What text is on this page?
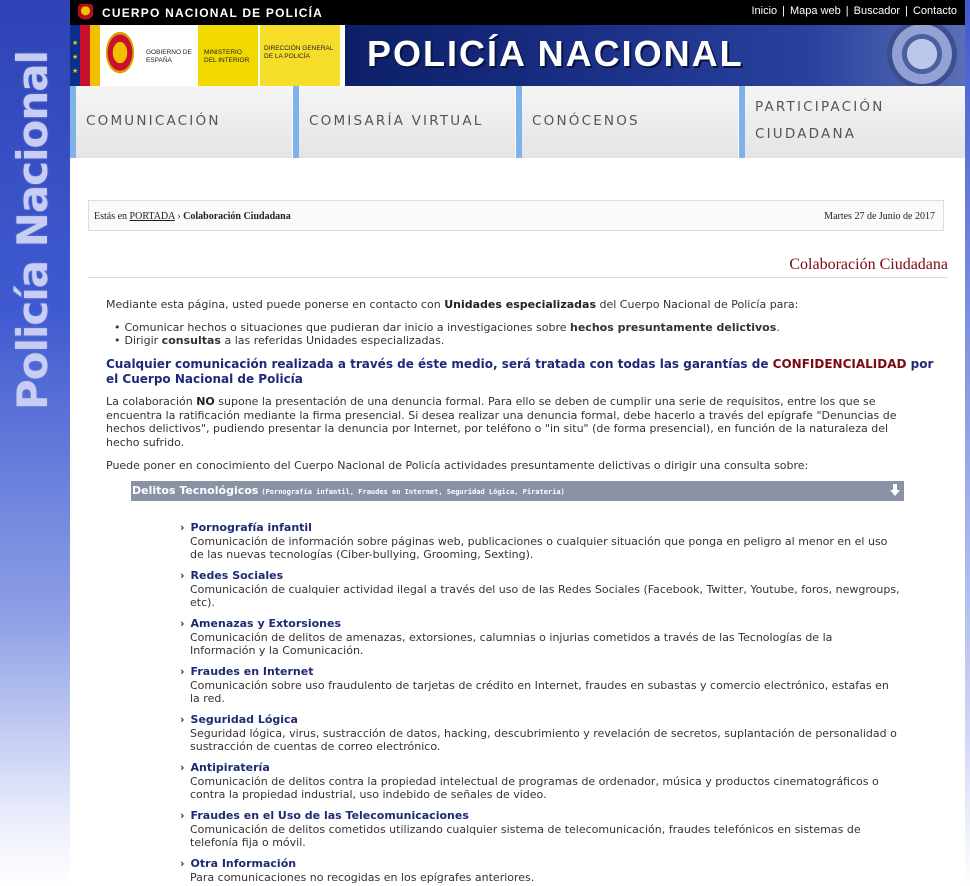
Policía Nacional
CUERPO NACIONAL DE POLICÍA	Inicio | Mapa web | Buscador | Contacto
★
★
★
GOBIERNO DE ESPAÑA
MINISTERIO DEL INTERIOR
DIRECCIÓN GENERAL DE LA POLICÍA	POLICÍA NACIONAL
COMUNICACIÓN	COMISARÍA VIRTUAL	CONÓCENOS
PARTICIPACIÓN
CIUDADANA
Estás en PORTADA › Colaboración Ciudadana	Martes 27 de Junio de 2017
Colaboración Ciudadana
Mediante esta página, usted puede ponerse en contacto con Unidades especializadas del Cuerpo Nacional de Policía para:
• Comunicar hechos o situaciones que pudieran dar inicio a investigaciones sobre hechos presuntamente delictivos.
• Dirigir consultas a las referidas Unidades especializadas.
Cualquier comunicación realizada a través de éste medio, será tratada con todas las garantías de CONFIDENCIALIDAD por el Cuerpo Nacional de Policía
La colaboración NO supone la presentación de una denuncia formal. Para ello se deben de cumplir una serie de requisitos, entre los que se encuentra la ratificación mediante la firma presencial. Si desea realizar una denuncia formal, debe hacerlo a través del epígrafe "Denuncias de hechos delictivos", pudiendo presentar la denuncia por Internet, por teléfono o "in situ" (de forma presencial), en función de la naturaleza del hecho sufrido.
Puede poner en conocimiento del Cuerpo Nacional de Policía actividades presuntamente delictivas o dirigir una consulta sobre:
Delitos Tecnológicos (Pornografía infantil, Fraudes en Internet, Seguridad Lógica, Piratería)
› Pornografía infantil
Comunicación de información sobre páginas web, publicaciones o cualquier situación que ponga en peligro al menor en el uso de las nuevas tecnologías (Ciber-bullying, Grooming, Sexting).
› Redes Sociales
Comunicación de cualquier actividad ilegal a través del uso de las Redes Sociales (Facebook, Twitter, Youtube, foros, newgroups, etc).
› Amenazas y Extorsiones
Comunicación de delitos de amenazas, extorsiones, calumnias o injurias cometidos a través de las Tecnologías de la Información y la Comunicación.
› Fraudes en Internet
Comunicación sobre uso fraudulento de tarjetas de crédito en Internet, fraudes en subastas y comercio electrónico, estafas en la red.
› Seguridad Lógica
Seguridad lógica, virus, sustracción de datos, hacking, descubrimiento y revelación de secretos, suplantación de personalidad o sustracción de cuentas de correo electrónico.
› Antipiratería
Comunicación de delitos contra la propiedad intelectual de programas de ordenador, música y productos cinematográficos o contra la propiedad industrial, uso indebido de señales de video.
› Fraudes en el Uso de las Telecomunicaciones
Comunicación de delitos cometidos utilizando cualquier sistema de telecomunicación, fraudes telefónicos en sistemas de telefonía fija o móvil.
› Otra Información
Para comunicaciones no recogidas en los epígrafes anteriores.
